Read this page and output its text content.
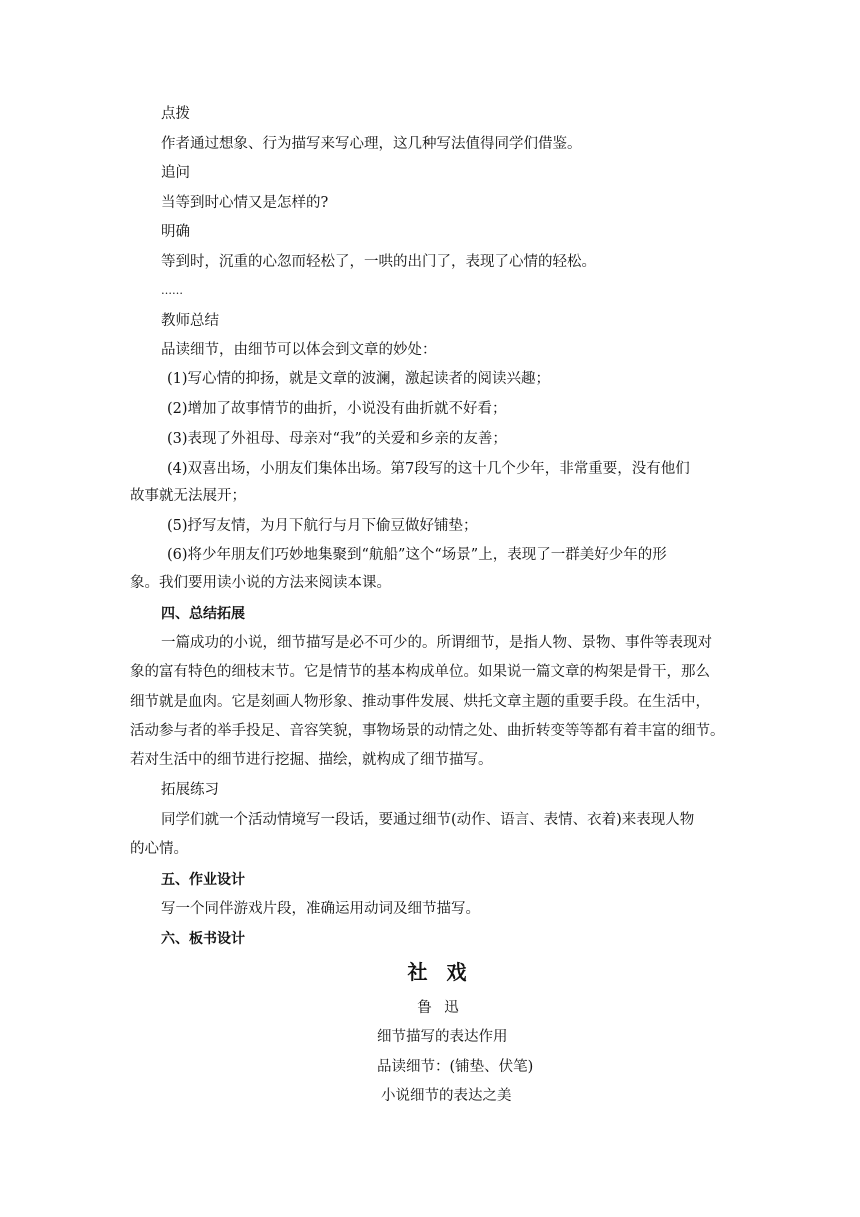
点拨
作者通过想象、行为描写来写心理，这几种写法值得同学们借鉴。
追问
当等到时心情又是怎样的?
明确
等到时，沉重的心忽而轻松了，一哄的出门了，表现了心情的轻松。
……
教师总结
品读细节，由细节可以体会到文章的妙处：
(1)写心情的抑扬，就是文章的波澜，激起读者的阅读兴趣；
(2)增加了故事情节的曲折，小说没有曲折就不好看；
(3)表现了外祖母、母亲对“我”的关爱和乡亲的友善；
(4)双喜出场，小朋友们集体出场。第7段写的这十几个少年，非常重要，没有他们
故事就无法展开；
(5)抒写友情，为月下航行与月下偷豆做好铺垫；
(6)将少年朋友们巧妙地集聚到“航船”这个“场景”上，表现了一群美好少年的形
象。我们要用读小说的方法来阅读本课。
四、总结拓展
一篇成功的小说，细节描写是必不可少的。所谓细节，是指人物、景物、事件等表现对
象的富有特色的细枝末节。它是情节的基本构成单位。如果说一篇文章的构架是骨干，那么
细节就是血肉。它是刻画人物形象、推动事件发展、烘托文章主题的重要手段。在生活中，
活动参与者的举手投足、音容笑貌，事物场景的动情之处、曲折转变等等都有着丰富的细节。
若对生活中的细节进行挖掘、描绘，就构成了细节描写。
拓展练习
同学们就一个活动情境写一段话，要通过细节(动作、语言、表情、衣着)来表现人物
的心情。
五、作业设计
写一个同伴游戏片段，准确运用动词及细节描写。
六、板书设计
社 戏
鲁 迅
细节描写的表达作用
品读细节：(铺垫、伏笔)
小说细节的表达之美
